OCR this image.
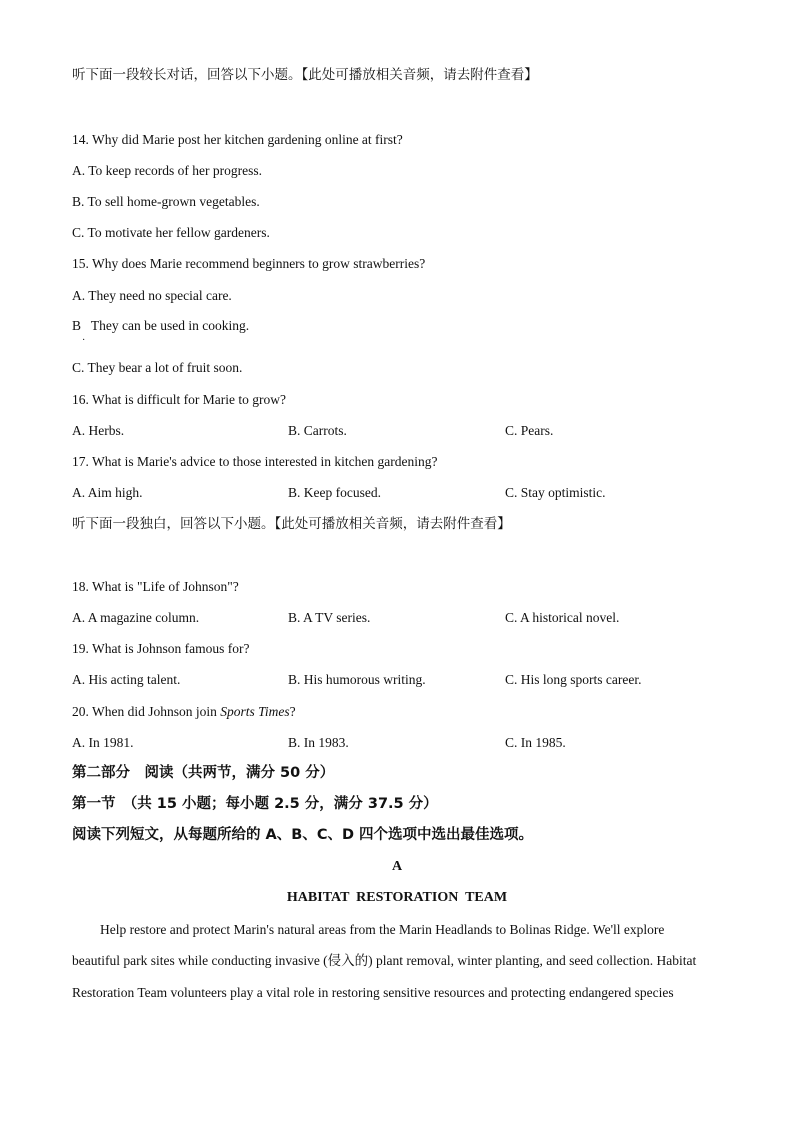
听下面一段较长对话，回答以下小题。【此处可播放相关音频，请去附件查看】
14. Why did Marie post her kitchen gardening online at first?
A. To keep records of her progress.
B. To sell home-grown vegetables.
C. To motivate her fellow gardeners.
15. Why does Marie recommend beginners to grow strawberries?
A. They need no special care.
B   They can be used in cooking.
·
C. They bear a lot of fruit soon.
16. What is difficult for Marie to grow?
A. Herbs.	B. Carrots.	C. Pears.
17. What is Marie's advice to those interested in kitchen gardening?
A. Aim high.	B. Keep focused.	C. Stay optimistic.
听下面一段独白，回答以下小题。【此处可播放相关音频，请去附件查看】
18. What is "Life of Johnson"?
A. A magazine column.	B. A TV series.	C. A historical novel.
19. What is Johnson famous for?
A. His acting talent.	B. His humorous writing.	C. His long sports career.
20. When did Johnson join Sports Times?
A. In 1981.	B. In 1983.	C. In 1985.
第二部分　阅读（共两节，满分 50 分）
第一节　（共 15 小题；每小题 2.5 分，满分 37.5 分）
阅读下列短文，从每题所给的 A、B、C、D 四个选项中选出最佳选项。
A
HABITAT  RESTORATION  TEAM
Help restore and protect Marin's natural areas from the Marin Headlands to Bolinas Ridge. We'll explore
beautiful park sites while conducting invasive (侵入的) plant removal, winter planting, and seed collection. Habitat
Restoration Team volunteers play a vital role in restoring sensitive resources and protecting endangered species
